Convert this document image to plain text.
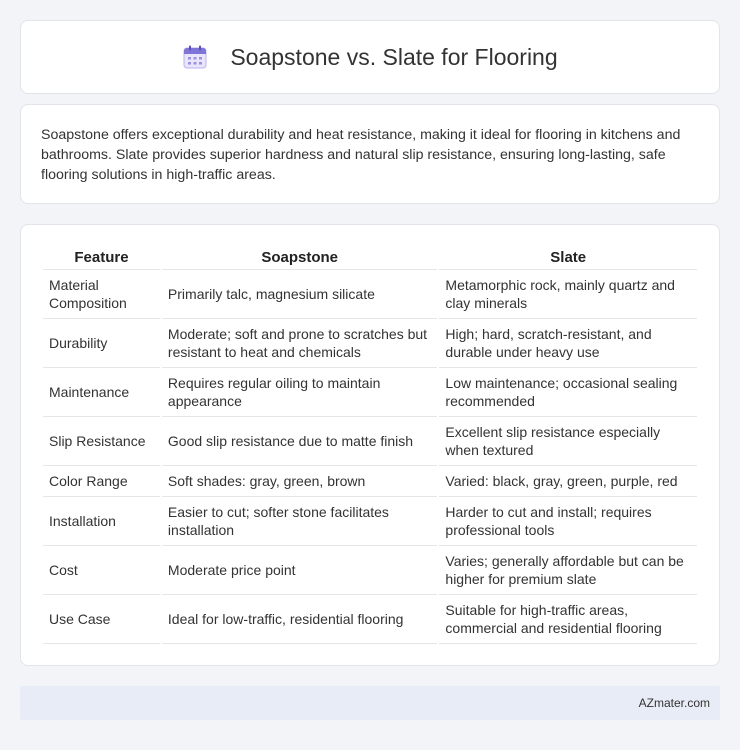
Soapstone vs. Slate for Flooring

Soapstone offers exceptional durability and heat resistance, making it ideal for flooring in kitchens and bathrooms. Slate provides superior hardness and natural slip resistance, ensuring long-lasting, safe flooring solutions in high-traffic areas.

Feature	Soapstone	Slate
Material Composition	Primarily talc, magnesium silicate	Metamorphic rock, mainly quartz and clay minerals
Durability	Moderate; soft and prone to scratches but resistant to heat and chemicals	High; hard, scratch-resistant, and durable under heavy use
Maintenance	Requires regular oiling to maintain appearance	Low maintenance; occasional sealing recommended
Slip Resistance	Good slip resistance due to matte finish	Excellent slip resistance especially when textured
Color Range	Soft shades: gray, green, brown	Varied: black, gray, green, purple, red
Installation	Easier to cut; softer stone facilitates installation	Harder to cut and install; requires professional tools
Cost	Moderate price point	Varies; generally affordable but can be higher for premium slate
Use Case	Ideal for low-traffic, residential flooring	Suitable for high-traffic areas, commercial and residential flooring
AZmater.com
